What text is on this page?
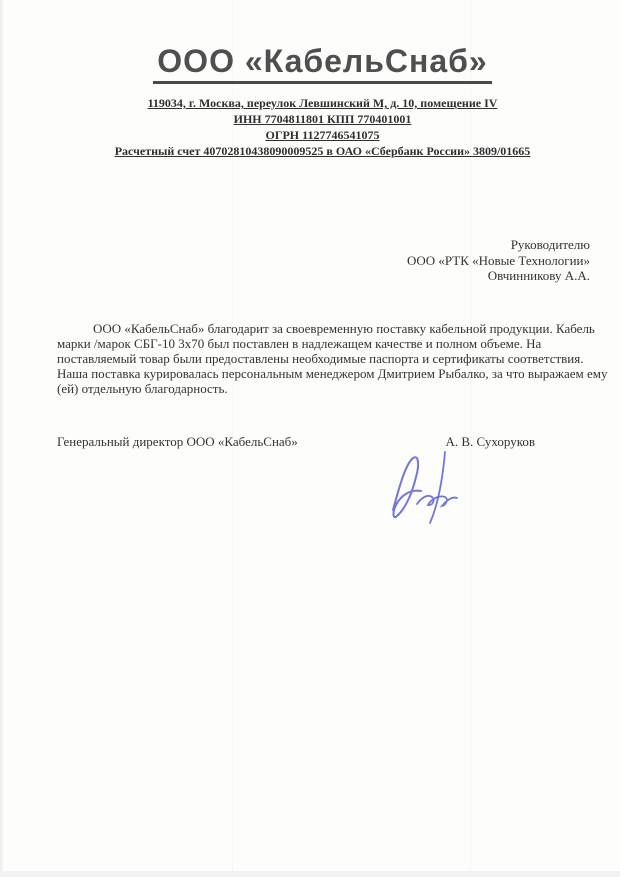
ООО «КабельСнаб»
119034, г. Москва, переулок Левшинский М, д. 10, помещение IV
ИНН 7704811801 КПП 770401001
ОГРН 1127746541075
Расчетный счет 40702810438090009525 в ОАО «Сбербанк России» 3809/01665
Руководителю
ООО «РТК «Новые Технологии»
Овчинникову А.А.
ООО «КабельСнаб» благодарит за своевременную поставку кабельной продукции. Кабель
марки /марок СБГ-10 3х70 был поставлен в надлежащем качестве и полном объеме. На
поставляемый товар были предоставлены необходимые паспорта и сертификаты соответствия.
Наша поставка курировалась персональным менеджером Дмитрием Рыбалко, за что выражаем ему
(ей) отдельную благодарность.
Генеральный директор ООО «КабельСнаб»	А. В. Сухоруков
